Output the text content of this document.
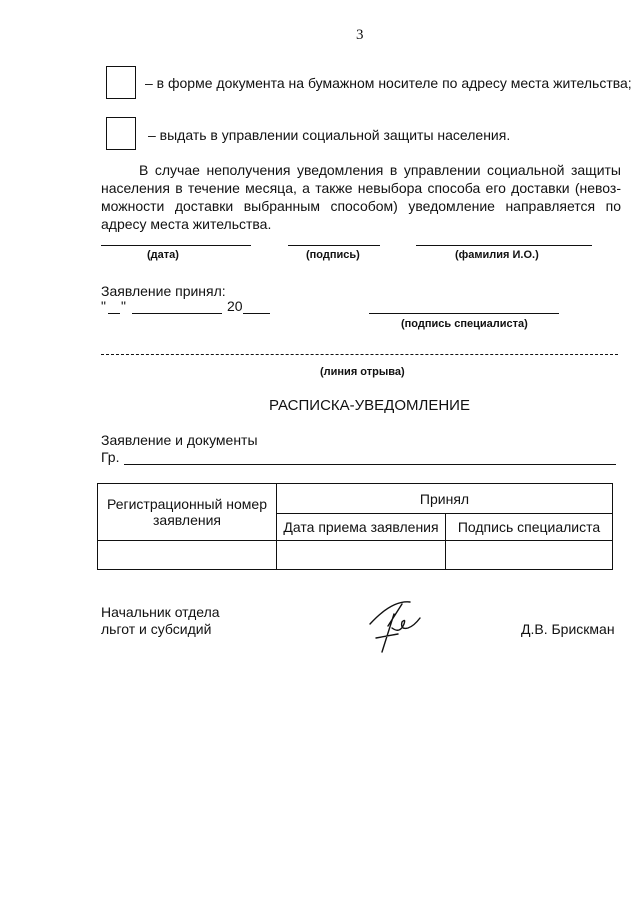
3
– в форме документа на бумажном носителе по адресу места жительства;
– выдать в управлении социальной защиты населения.
В случае неполучения уведомления в управлении социальной защиты
населения в течение месяца, а также невыбора способа его доставки (невоз- можности доставки выбранным способом) уведомление направляется по адресу места жительства.
(дата)	(подпись)	(фамилия И.О.)
Заявление принял:
" "	20
(подпись специалиста)
(линия отрыва)
РАСПИСКА-УВЕДОМЛЕНИЕ
Заявление и документы
Гр.
Регистрационный номер заявления	Принял	
	Дата приема заявления	Подпись специалиста

Начальник отдела
льгот и субсидий	Д.В. Брискман
